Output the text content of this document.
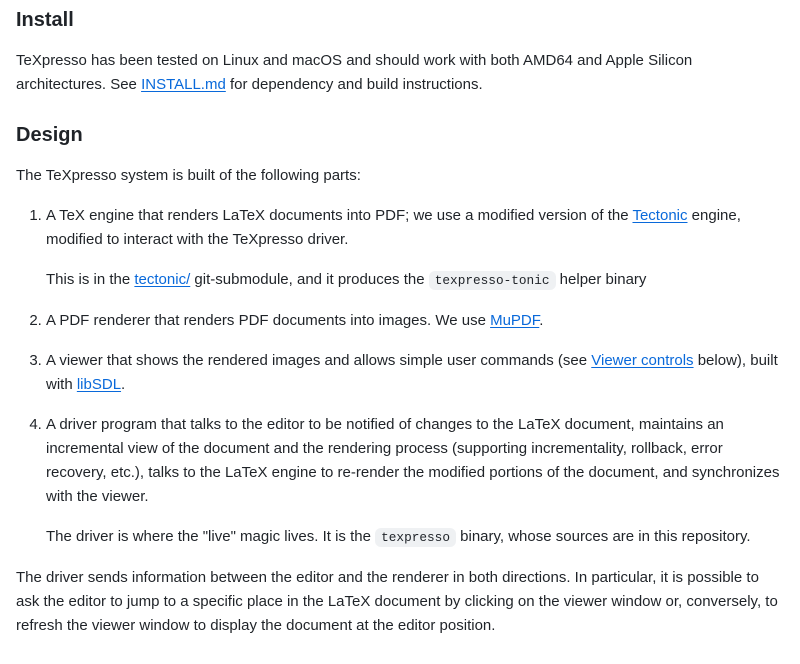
Install

TeXpresso has been tested on Linux and macOS and should work with both AMD64 and Apple Silicon architectures. See INSTALL.md for dependency and build instructions.

Design

The TeXpresso system is built of the following parts:

1. A TeX engine that renders LaTeX documents into PDF; we use a modified version of the Tectonic engine, modified to interact with the TeXpresso driver.

This is in the tectonic/ git-submodule, and it produces the texpresso-tonic helper binary

2. A PDF renderer that renders PDF documents into images. We use MuPDF.

3. A viewer that shows the rendered images and allows simple user commands (see Viewer controls below), built with libSDL.

4. A driver program that talks to the editor to be notified of changes to the LaTeX document, maintains an incremental view of the document and the rendering process (supporting incrementality, rollback, error recovery, etc.), talks to the LaTeX engine to re-render the modified portions of the document, and synchronizes with the viewer.

The driver is where the "live" magic lives. It is the texpresso binary, whose sources are in this repository.

The driver sends information between the editor and the renderer in both directions. In particular, it is possible to ask the editor to jump to a specific place in the LaTeX document by clicking on the viewer window or, conversely, to refresh the viewer window to display the document at the editor position.
